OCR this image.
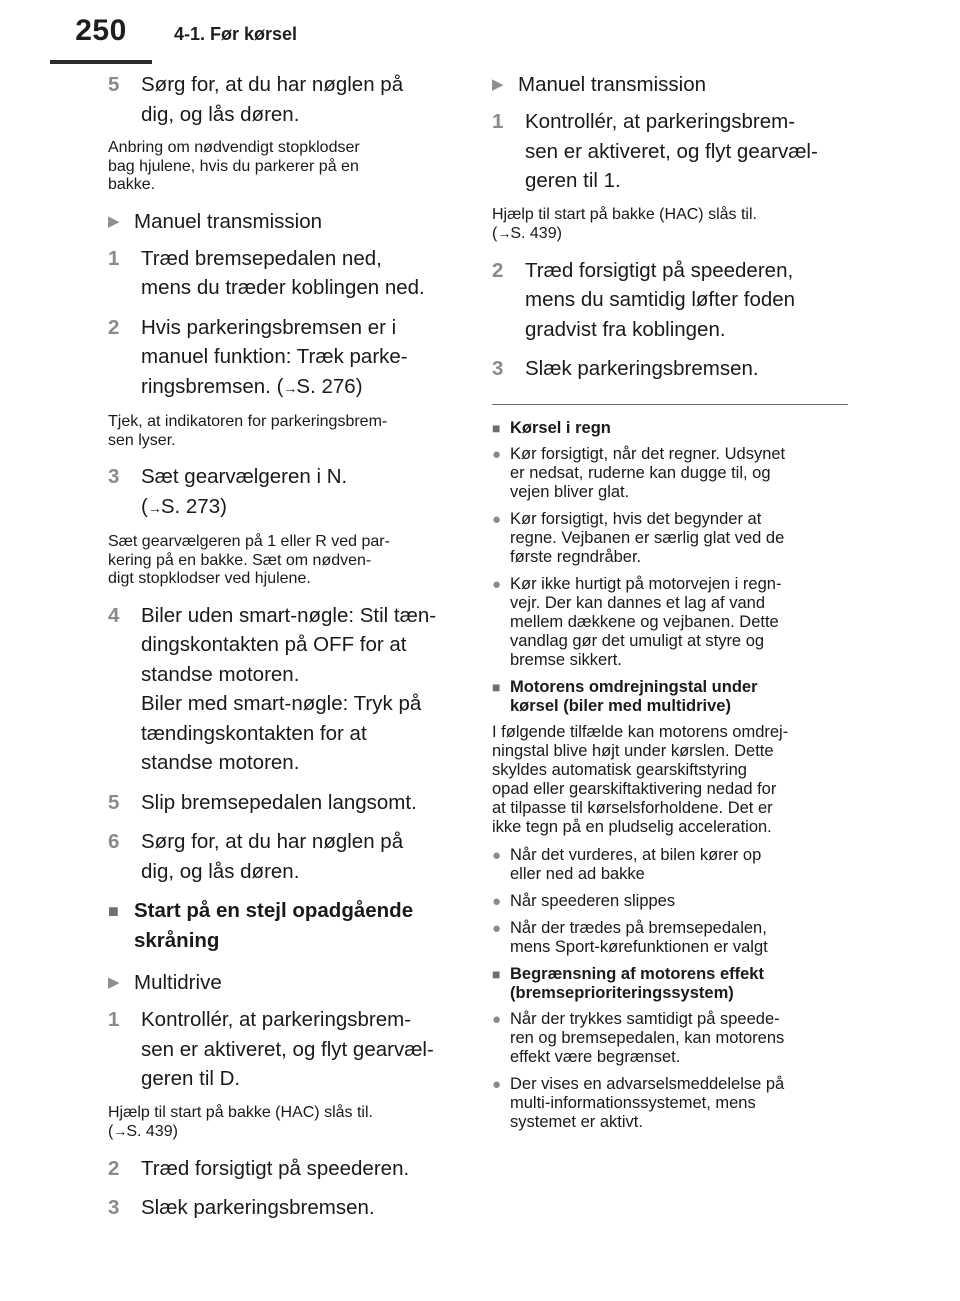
250	4-1. Før kørsel
5	Sørg for, at du har nøglen på
dig, og lås døren.
Anbring om nødvendigt stopklodser
bag hjulene, hvis du parkerer på en
bakke.
▶ Manuel transmission
1	Træd bremsepedalen ned,
mens du træder koblingen ned.
2	Hvis parkeringsbremsen er i
manuel funktion: Træk parke-
ringsbremsen. (→S. 276)
Tjek, at indikatoren for parkeringsbrem-
sen lyser.
3	Sæt gearvælgeren i N.
(→S. 273)
Sæt gearvælgeren på 1 eller R ved par-
kering på en bakke. Sæt om nødven-
digt stopklodser ved hjulene.
4	Biler uden smart-nøgle: Stil tæn-
dingskontakten på OFF for at
standse motoren.
Biler med smart-nøgle: Tryk på
tændingskontakten for at
standse motoren.
5	Slip bremsepedalen langsomt.
6	Sørg for, at du har nøglen på
dig, og lås døren.
■ Start på en stejl opadgående
skråning
▶ Multidrive
1	Kontrollér, at parkeringsbrem-
sen er aktiveret, og flyt gearvæl-
geren til D.
Hjælp til start på bakke (HAC) slås til.
(→S. 439)
2	Træd forsigtigt på speederen.
3	Slæk parkeringsbremsen.
▶ Manuel transmission
1	Kontrollér, at parkeringsbrem-
sen er aktiveret, og flyt gearvæl-
geren til 1.
Hjælp til start på bakke (HAC) slås til.
(→S. 439)
2	Træd forsigtigt på speederen,
mens du samtidig løfter foden
gradvist fra koblingen.
3	Slæk parkeringsbremsen.
■ Kørsel i regn
● Kør forsigtigt, når det regner. Udsynet
er nedsat, ruderne kan dugge til, og
vejen bliver glat.
● Kør forsigtigt, hvis det begynder at
regne. Vejbanen er særlig glat ved de
første regndråber.
● Kør ikke hurtigt på motorvejen i regn-
vejr. Der kan dannes et lag af vand
mellem dækkene og vejbanen. Dette
vandlag gør det umuligt at styre og
bremse sikkert.
■ Motorens omdrejningstal under
kørsel (biler med multidrive)
I følgende tilfælde kan motorens omdrej-
ningstal blive højt under kørslen. Dette
skyldes automatisk gearskiftstyring
opad eller gearskiftaktivering nedad for
at tilpasse til kørselsforholdene. Det er
ikke tegn på en pludselig acceleration.
● Når det vurderes, at bilen kører op
eller ned ad bakke
● Når speederen slippes
● Når der trædes på bremsepedalen,
mens Sport-kørefunktionen er valgt
■ Begrænsning af motorens effekt
(bremseprioriteringssystem)
● Når der trykkes samtidigt på speede-
ren og bremsepedalen, kan motorens
effekt være begrænset.
● Der vises en advarselsmeddelelse på
multi-informationssystemet, mens
systemet er aktivt.
